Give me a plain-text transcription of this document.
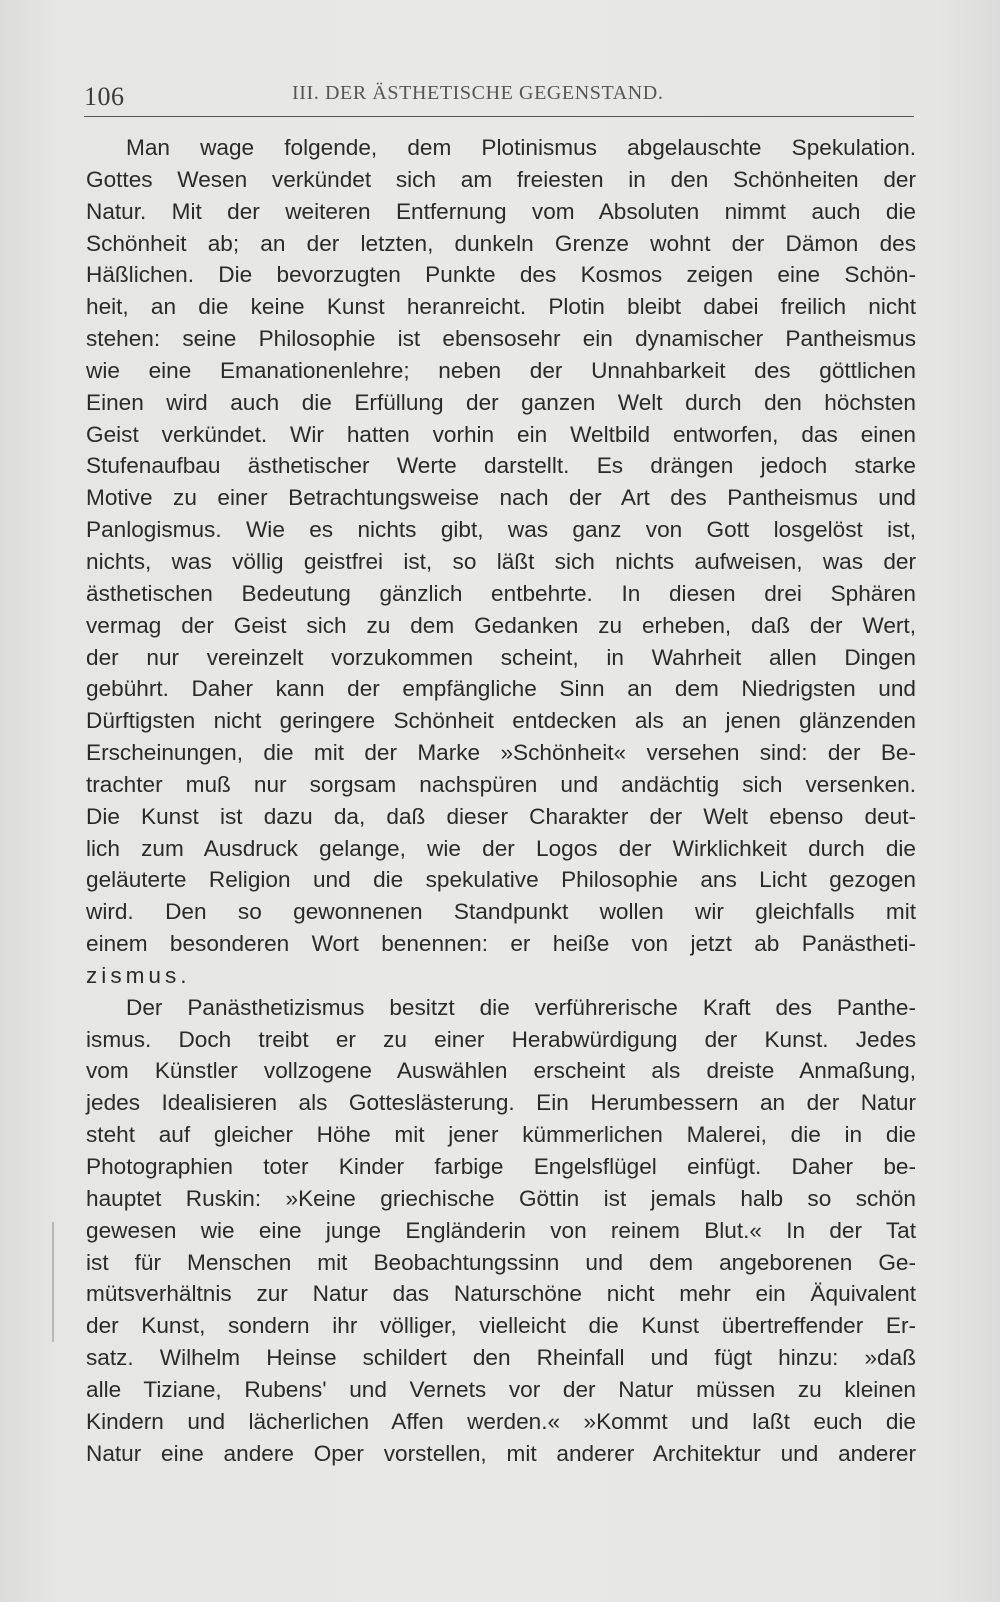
106	III. DER ÄSTHETISCHE GEGENSTAND.
Man wage folgende, dem Plotinismus abgelauschte Spekulation.
Gottes Wesen verkündet sich am freiesten in den Schönheiten der
Natur. Mit der weiteren Entfernung vom Absoluten nimmt auch die
Schönheit ab; an der letzten, dunkeln Grenze wohnt der Dämon des
Häßlichen. Die bevorzugten Punkte des Kosmos zeigen eine Schön-
heit, an die keine Kunst heranreicht. Plotin bleibt dabei freilich nicht
stehen: seine Philosophie ist ebensosehr ein dynamischer Pantheismus
wie eine Emanationenlehre; neben der Unnahbarkeit des göttlichen
Einen wird auch die Erfüllung der ganzen Welt durch den höchsten
Geist verkündet. Wir hatten vorhin ein Weltbild entworfen, das einen
Stufenaufbau ästhetischer Werte darstellt. Es drängen jedoch starke
Motive zu einer Betrachtungsweise nach der Art des Pantheismus und
Panlogismus. Wie es nichts gibt, was ganz von Gott losgelöst ist,
nichts, was völlig geistfrei ist, so läßt sich nichts aufweisen, was der
ästhetischen Bedeutung gänzlich entbehrte. In diesen drei Sphären
vermag der Geist sich zu dem Gedanken zu erheben, daß der Wert,
der nur vereinzelt vorzukommen scheint, in Wahrheit allen Dingen
gebührt. Daher kann der empfängliche Sinn an dem Niedrigsten und
Dürftigsten nicht geringere Schönheit entdecken als an jenen glänzenden
Erscheinungen, die mit der Marke »Schönheit« versehen sind: der Be-
trachter muß nur sorgsam nachspüren und andächtig sich versenken.
Die Kunst ist dazu da, daß dieser Charakter der Welt ebenso deut-
lich zum Ausdruck gelange, wie der Logos der Wirklichkeit durch die
geläuterte Religion und die spekulative Philosophie ans Licht gezogen
wird. Den so gewonnenen Standpunkt wollen wir gleichfalls mit
einem besonderen Wort benennen: er heiße von jetzt ab Panästheti-
zismus.
Der Panästhetizismus besitzt die verführerische Kraft des Panthe-
ismus. Doch treibt er zu einer Herabwürdigung der Kunst. Jedes
vom Künstler vollzogene Auswählen erscheint als dreiste Anmaßung,
jedes Idealisieren als Gotteslästerung. Ein Herumbessern an der Natur
steht auf gleicher Höhe mit jener kümmerlichen Malerei, die in die
Photographien toter Kinder farbige Engelsflügel einfügt. Daher be-
hauptet Ruskin: »Keine griechische Göttin ist jemals halb so schön
gewesen wie eine junge Engländerin von reinem Blut.« In der Tat
ist für Menschen mit Beobachtungssinn und dem angeborenen Ge-
mütsverhältnis zur Natur das Naturschöne nicht mehr ein Äquivalent
der Kunst, sondern ihr völliger, vielleicht die Kunst übertreffender Er-
satz. Wilhelm Heinse schildert den Rheinfall und fügt hinzu: »daß
alle Tiziane, Rubens' und Vernets vor der Natur müssen zu kleinen
Kindern und lächerlichen Affen werden.« »Kommt und laßt euch die
Natur eine andere Oper vorstellen, mit anderer Architektur und anderer
